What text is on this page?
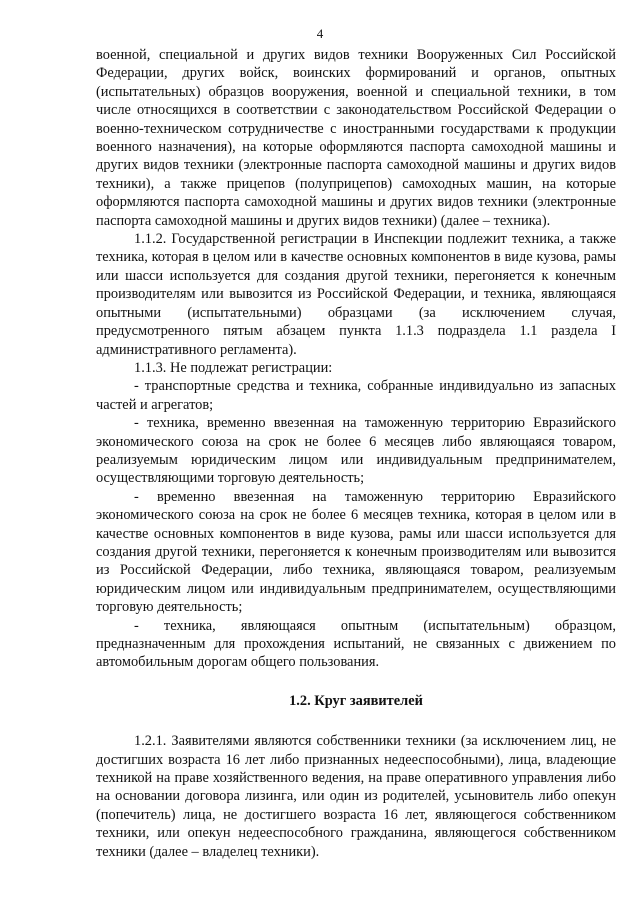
4

военной, специальной и других видов техники Вооруженных Сил Российской Федерации, других войск, воинских формирований и органов, опытных (испытательных) образцов вооружения, военной и специальной техники, в том числе относящихся в соответствии с законодательством Российской Федерации о военно-техническом сотрудничестве с иностранными государствами к продукции военного назначения), на которые оформляются паспорта самоходной машины и других видов техники (электронные паспорта самоходной машины и других видов техники), а также прицепов (полуприцепов) самоходных машин, на которые оформляются паспорта самоходной машины и других видов техники (электронные паспорта самоходной машины и других видов техники) (далее – техника).

1.1.2. Государственной регистрации в Инспекции подлежит техника, а также техника, которая в целом или в качестве основных компонентов в виде кузова, рамы или шасси используется для создания другой техники, перегоняется к конечным производителям или вывозится из Российской Федерации, и техника, являющаяся опытными (испытательными) образцами (за исключением случая, предусмотренного пятым абзацем пункта 1.1.3 подраздела 1.1 раздела I административного регламента).

1.1.3. Не подлежат регистрации:

- транспортные средства и техника, собранные индивидуально из запасных частей и агрегатов;

- техника, временно ввезенная на таможенную территорию Евразийского экономического союза на срок не более 6 месяцев либо являющаяся товаром, реализуемым юридическим лицом или индивидуальным предпринимателем, осуществляющими торговую деятельность;

- временно ввезенная на таможенную территорию Евразийского экономического союза на срок не более 6 месяцев техника, которая в целом или в качестве основных компонентов в виде кузова, рамы или шасси используется для создания другой техники, перегоняется к конечным производителям или вывозится из Российской Федерации, либо техника, являющаяся товаром, реализуемым юридическим лицом или индивидуальным предпринимателем, осуществляющими торговую деятельность;

- техника, являющаяся опытным (испытательным) образцом, предназначенным для прохождения испытаний, не связанных с движением по автомобильным дорогам общего пользования.

1.2. Круг заявителей

1.2.1. Заявителями являются собственники техники (за исключением лиц, не достигших возраста 16 лет либо признанных недееспособными), лица, владеющие техникой на праве хозяйственного ведения, на праве оперативного управления либо на основании договора лизинга, или один из родителей, усыновитель либо опекун (попечитель) лица, не достигшего возраста 16 лет, являющегося собственником техники, или опекун недееспособного гражданина, являющегося собственником техники (далее – владелец техники).
